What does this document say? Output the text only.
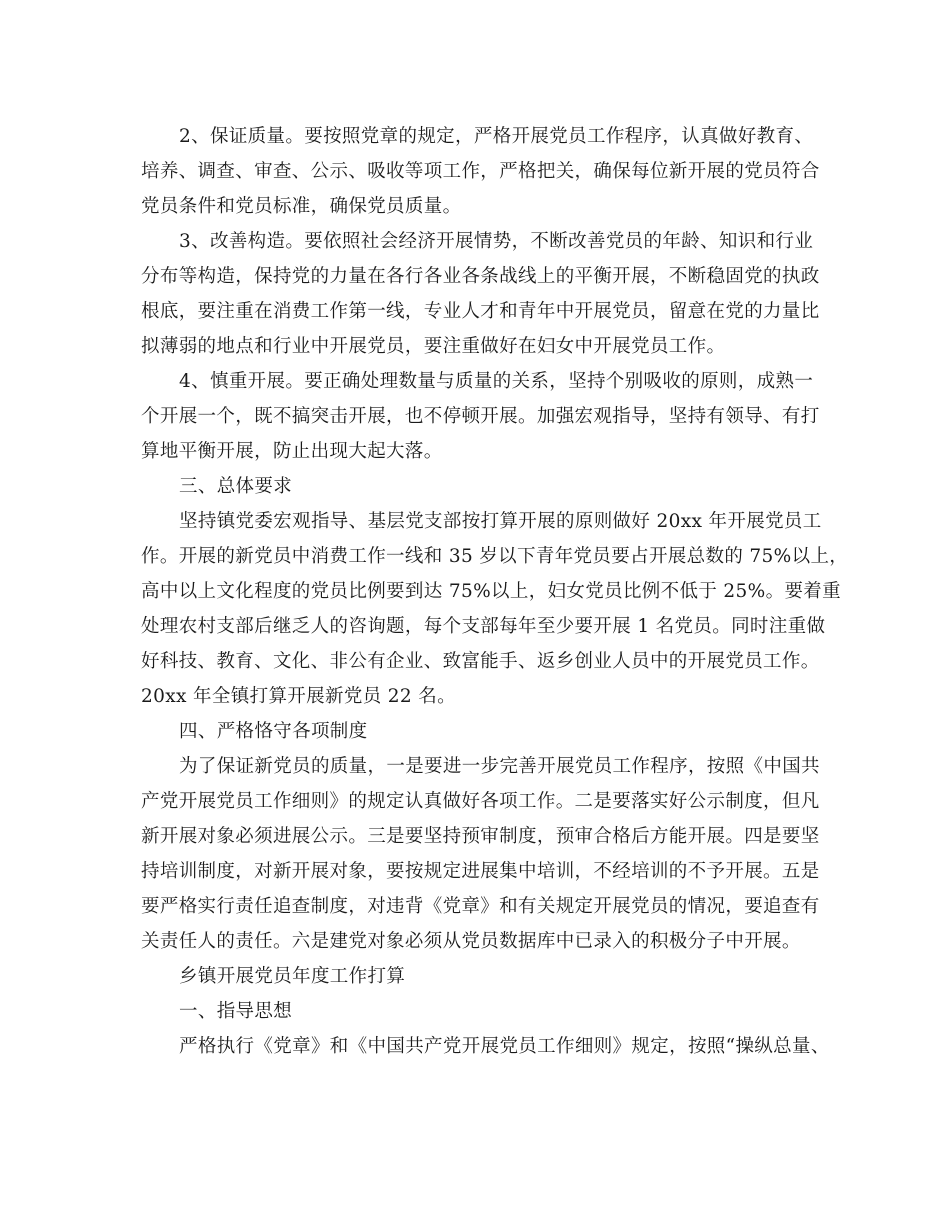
2、保证质量。要按照党章的规定，严格开展党员工作程序，认真做好教育、
培养、调查、审查、公示、吸收等项工作，严格把关，确保每位新开展的党员符合
党员条件和党员标准，确保党员质量。
3、改善构造。要依照社会经济开展情势，不断改善党员的年龄、知识和行业
分布等构造，保持党的力量在各行各业各条战线上的平衡开展，不断稳固党的执政
根底，要注重在消费工作第一线，专业人才和青年中开展党员，留意在党的力量比
拟薄弱的地点和行业中开展党员，要注重做好在妇女中开展党员工作。
4、慎重开展。要正确处理数量与质量的关系，坚持个别吸收的原则，成熟一
个开展一个，既不搞突击开展，也不停顿开展。加强宏观指导，坚持有领导、有打
算地平衡开展，防止出现大起大落。
三、总体要求
坚持镇党委宏观指导、基层党支部按打算开展的原则做好 20xx 年开展党员工
作。开展的新党员中消费工作一线和 35 岁以下青年党员要占开展总数的 75%以上，
高中以上文化程度的党员比例要到达 75%以上，妇女党员比例不低于 25%。要着重
处理农村支部后继乏人的咨询题，每个支部每年至少要开展 1 名党员。同时注重做
好科技、教育、文化、非公有企业、致富能手、返乡创业人员中的开展党员工作。
20xx 年全镇打算开展新党员 22 名。
四、严格恪守各项制度
为了保证新党员的质量，一是要进一步完善开展党员工作程序，按照《中国共
产党开展党员工作细则》的规定认真做好各项工作。二是要落实好公示制度，但凡
新开展对象必须进展公示。三是要坚持预审制度，预审合格后方能开展。四是要坚
持培训制度，对新开展对象，要按规定进展集中培训，不经培训的不予开展。五是
要严格实行责任追查制度，对违背《党章》和有关规定开展党员的情况，要追查有
关责任人的责任。六是建党对象必须从党员数据库中已录入的积极分子中开展。
乡镇开展党员年度工作打算
一、指导思想
严格执行《党章》和《中国共产党开展党员工作细则》规定，按照“操纵总量、
